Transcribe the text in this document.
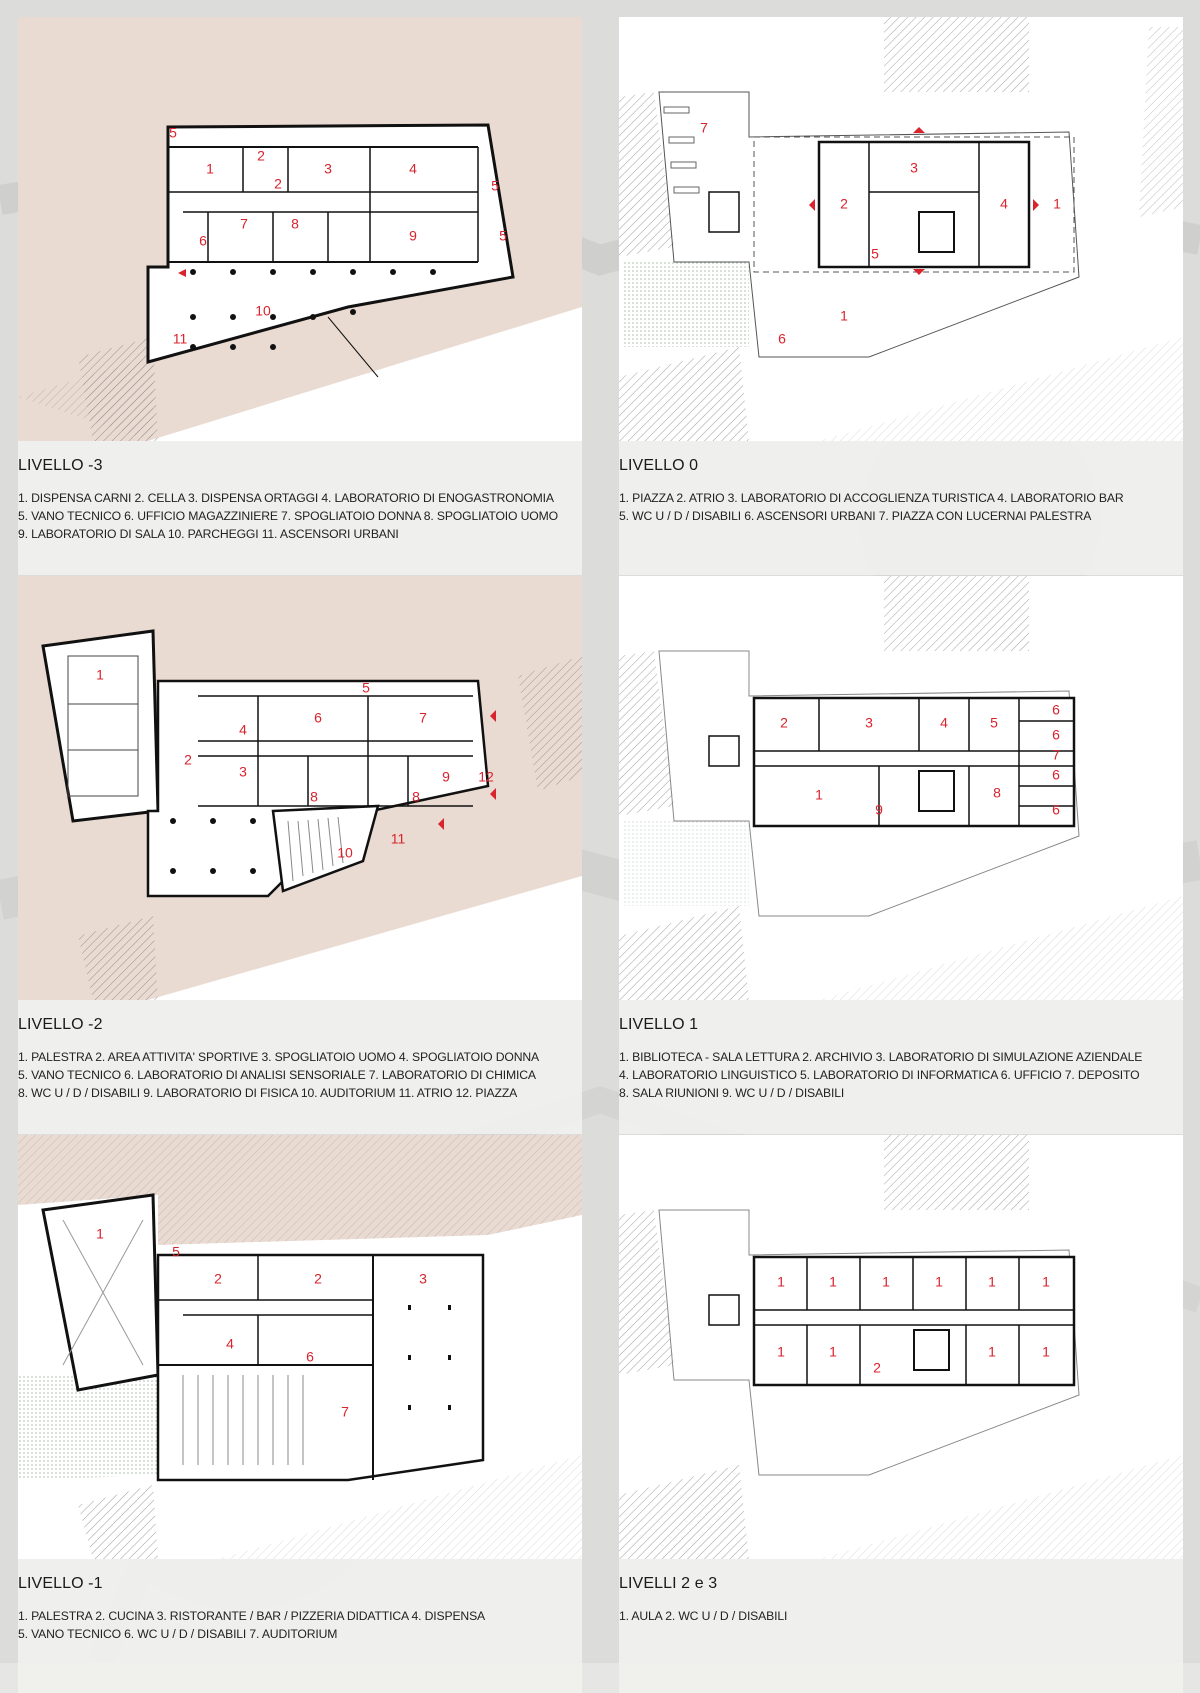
1
2
2
3	4
5
5
5
6
7	8
9
10
11
LIVELLO -3
1. DISPENSA CARNI 2. CELLA 3. DISPENSA ORTAGGI 4. LABORATORIO DI ENOGASTRONOMIA
5. VANO TECNICO 6. UFFICIO MAGAZZINIERE 7. SPOGLIATOIO DONNA 8. SPOGLIATOIO UOMO
9. LABORATORIO DI SALA 10. PARCHEGGI 11. ASCENSORI URBANI
7
3
2	4	1
5
1
6
LIVELLO 0
1. PIAZZA 2. ATRIO 3. LABORATORIO DI ACCOGLIENZA TURISTICA 4. LABORATORIO BAR
5. WC U / D / DISABILI 6. ASCENSORI URBANI 7. PIAZZA CON LUCERNAI PALESTRA
1
5
6	7
4
2
3
8	8
9 12
10
11
LIVELLO -2
1. PALESTRA 2. AREA ATTIVITA' SPORTIVE 3. SPOGLIATOIO UOMO 4. SPOGLIATOIO DONNA
5. VANO TECNICO 6. LABORATORIO DI ANALISI SENSORIALE 7. LABORATORIO DI CHIMICA
8. WC U / D / DISABILI 9. LABORATORIO DI FISICA 10. AUDITORIUM 11. ATRIO 12. PIAZZA
2	3	4	5
6
6
7
6
6
1
9
8
LIVELLO 1
1. BIBLIOTECA - SALA LETTURA 2. ARCHIVIO 3. LABORATORIO DI SIMULAZIONE AZIENDALE
4. LABORATORIO LINGUISTICO 5. LABORATORIO DI INFORMATICA 6. UFFICIO 7. DEPOSITO
8. SALA RIUNIONI 9. WC U / D / DISABILI
1
5
2	2	3
4
6
7
LIVELLO -1
1. PALESTRA 2. CUCINA 3. RISTORANTE / BAR / PIZZERIA DIDATTICA 4. DISPENSA
5. VANO TECNICO 6. WC U / D / DISABILI 7. AUDITORIUM
1	1	1	1	1	1
1	1
2
1	1
LIVELLI 2 e 3
1. AULA 2. WC U / D / DISABILI
